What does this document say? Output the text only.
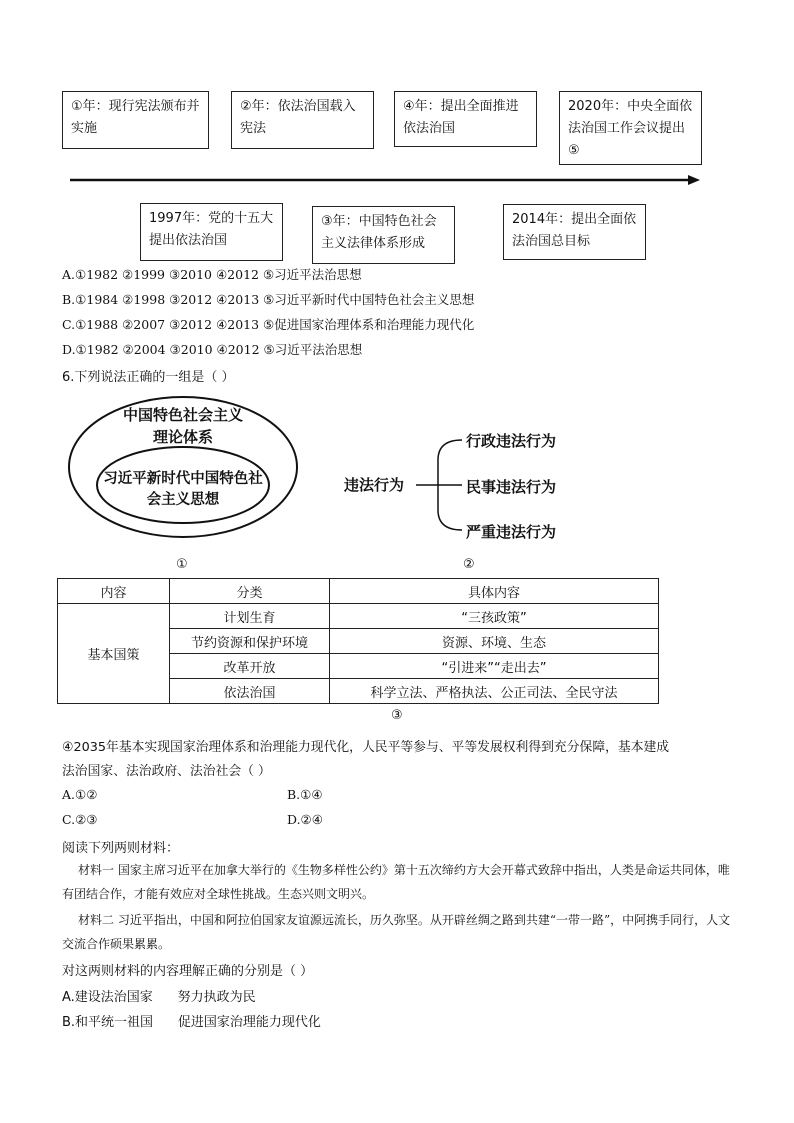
①年：现行宪法颁布并实施
②年：依法治国载入宪法
④年：提出全面推进依法治国
2020年：中央全面依法治国工作会议提出⑤
1997年：党的十五大提出依法治国
③年：中国特色社会主义法律体系形成
2014年：提出全面依法治国总目标
A.①1982 ②1999 ③2010 ④2012 ⑤习近平法治思想
B.①1984 ②1998 ③2012 ④2013 ⑤习近平新时代中国特色社会主义思想
C.①1988 ②2007 ③2012 ④2013 ⑤促进国家治理体系和治理能力现代化
D.①1982 ②2004 ③2010 ④2012 ⑤习近平法治思想
6.下列说法正确的一组是（ ）
中国特色社会主义理论体系
习近平新时代中国特色社会主义思想
①
违法行为
行政违法行为
民事违法行为
严重违法行为
②
内容	分类	具体内容
基本国策	计划生育	“三孩政策”
	节约资源和保护环境	资源、环境、生态
	改革开放	“引进来”“走出去”
	依法治国	科学立法、严格执法、公正司法、全民守法
③
④2035年基本实现国家治理体系和治理能力现代化，人民平等参与、平等发展权利得到充分保障，基本建成
法治国家、法治政府、法治社会（ ）
A.①②	B.①④
C.②③	D.②④
阅读下列两则材料：
材料一 国家主席习近平在加拿大举行的《生物多样性公约》第十五次缔约方大会开幕式致辞中指出，人类是命运共同体，唯有团结合作，才能有效应对全球性挑战。生态兴则文明兴。
材料二 习近平指出，中国和阿拉伯国家友谊源远流长，历久弥坚。从开辟丝绸之路到共建“一带一路”，中阿携手同行，人文交流合作硕果累累。
对这两则材料的内容理解正确的分别是（ ）
A.建设法治国家      努力执政为民
B.和平统一祖国      促进国家治理能力现代化
